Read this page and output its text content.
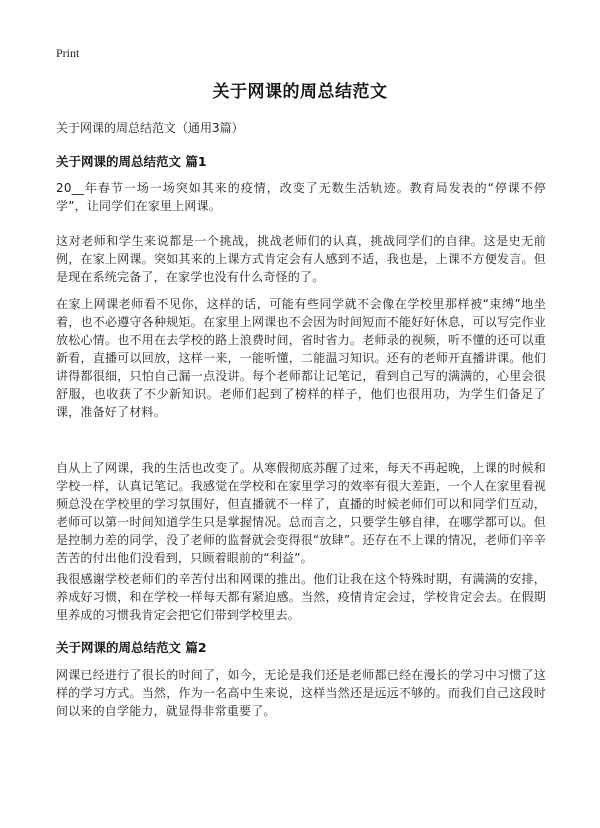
Print
关于网课的周总结范文
关于网课的周总结范文（通用3篇）
关于网课的周总结范文 篇1
20__年春节一场一场突如其来的疫情，改变了无数生活轨迹。教育局发表的“停课不停学”，让同学们在家里上网课。
这对老师和学生来说都是一个挑战，挑战老师们的认真，挑战同学们的自律。这是史无前例，在家上网课。突如其来的上课方式肯定会有人感到不适，我也是，上课不方便发言。但是现在系统完备了，在家学也没有什么奇怪的了。
在家上网课老师看不见你，这样的话，可能有些同学就不会像在学校里那样被“束缚”地坐着，也不必遵守各种规矩。在家里上网课也不会因为时间短而不能好好休息，可以写完作业放松心情。也不用在去学校的路上浪费时间，省时省力。老师录的视频，听不懂的还可以重新看，直播可以回放，这样一来，一能听懂，二能温习知识。还有的老师开直播讲课。他们讲得都很细，只怕自己漏一点没讲。每个老师都让记笔记，看到自己写的满满的，心里会很舒服，也收获了不少新知识。老师们起到了榜样的样子，他们也很用功，为学生们备足了课，准备好了材料。
自从上了网课，我的生活也改变了。从寒假彻底苏醒了过来，每天不再起晚，上课的时候和学校一样，认真记笔记。我感觉在学校和在家里学习的效率有很大差距，一个人在家里看视频总没在学校里的学习氛围好，但直播就不一样了，直播的时候老师们可以和同学们互动，老师可以第一时间知道学生只是掌握情况。总而言之，只要学生够自律，在哪学都可以。但是控制力差的同学，没了老师的监督就会变得很“放肆”。还存在不上课的情况，老师们辛辛苦苦的付出他们没看到，只顾着眼前的“利益”。
我很感谢学校老师们的辛苦付出和网课的推出。他们让我在这个特殊时期，有满满的安排，养成好习惯，和在学校一样每天都有紧迫感。当然，疫情肯定会过，学校肯定会去。在假期里养成的习惯我肯定会把它们带到学校里去。
关于网课的周总结范文 篇2
网课已经进行了很长的时间了，如今，无论是我们还是老师都已经在漫长的学习中习惯了这样的学习方式。当然，作为一名高中生来说，这样当然还是远远不够的。而我们自己这段时间以来的自学能力，就显得非常重要了。
